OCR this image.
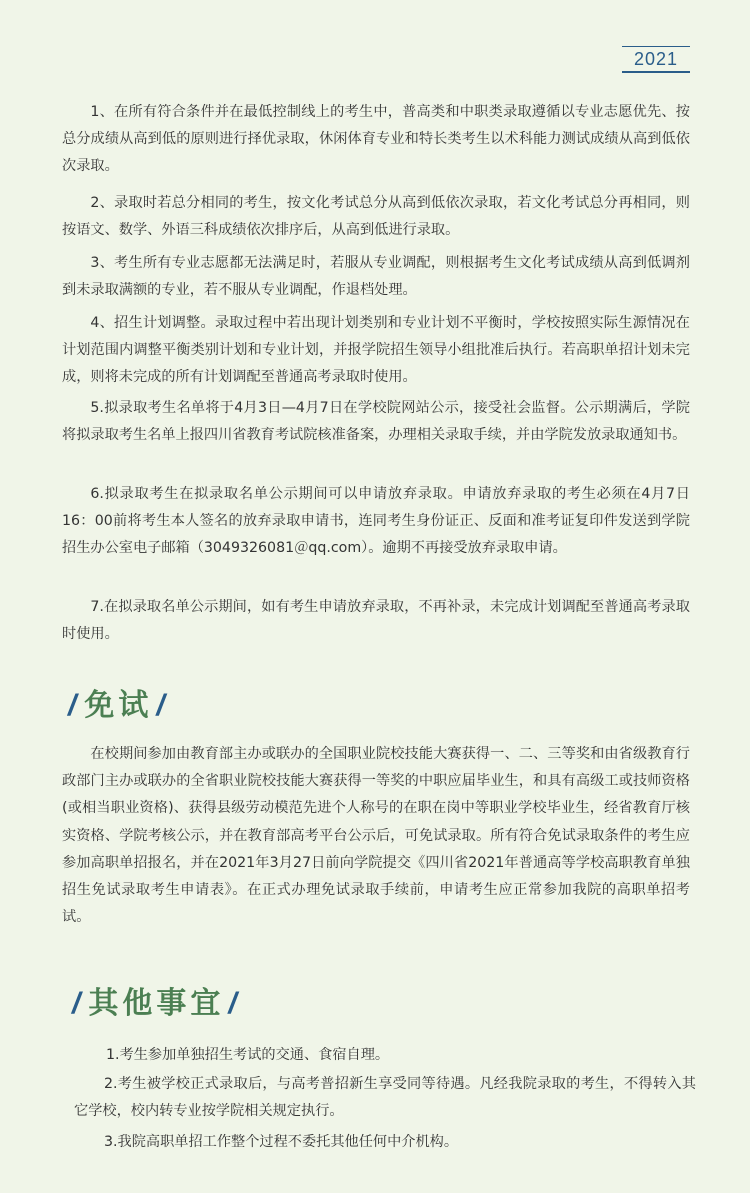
2021

1、在所有符合条件并在最低控制线上的考生中，普高类和中职类录取遵循以专业志愿优先、按总分成绩从高到低的原则进行择优录取，休闲体育专业和特长类考生以术科能力测试成绩从高到低依次录取。

2、录取时若总分相同的考生，按文化考试总分从高到低依次录取，若文化考试总分再相同，则按语文、数学、外语三科成绩依次排序后，从高到低进行录取。

3、考生所有专业志愿都无法满足时，若服从专业调配，则根据考生文化考试成绩从高到低调剂到未录取满额的专业，若不服从专业调配，作退档处理。

4、招生计划调整。录取过程中若出现计划类别和专业计划不平衡时，学校按照实际生源情况在计划范围内调整平衡类别计划和专业计划，并报学院招生领导小组批准后执行。若高职单招计划未完成，则将未完成的所有计划调配至普通高考录取时使用。

5.拟录取考生名单将于4月3日—4月7日在学校院网站公示，接受社会监督。公示期满后，学院将拟录取考生名单上报四川省教育考试院核准备案，办理相关录取手续，并由学院发放录取通知书。

6.拟录取考生在拟录取名单公示期间可以申请放弃录取。申请放弃录取的考生必须在4月7日16：00前将考生本人签名的放弃录取申请书，连同考生身份证正、反面和准考证复印件发送到学院招生办公室电子邮箱（3049326081＠qq.com）。逾期不再接受放弃录取申请。

7.在拟录取名单公示期间，如有考生申请放弃录取，不再补录，未完成计划调配至普通高考录取时使用。

/ 免试 /

在校期间参加由教育部主办或联办的全国职业院校技能大赛获得一、二、三等奖和由省级教育行政部门主办或联办的全省职业院校技能大赛获得一等奖的中职应届毕业生，和具有高级工或技师资格(或相当职业资格)、获得县级劳动模范先进个人称号的在职在岗中等职业学校毕业生，经省教育厅核实资格、学院考核公示，并在教育部高考平台公示后，可免试录取。所有符合免试录取条件的考生应参加高职单招报名，并在2021年3月27日前向学院提交《四川省2021年普通高等学校高职教育单独招生免试录取考生申请表》。在正式办理免试录取手续前，申请考生应正常参加我院的高职单招考试。

/ 其他事宜 /

1.考生参加单独招生考试的交通、食宿自理。

2.考生被学校正式录取后，与高考普招新生享受同等待遇。凡经我院录取的考生，不得转入其它学校，校内转专业按学院相关规定执行。

3.我院高职单招工作整个过程不委托其他任何中介机构。
